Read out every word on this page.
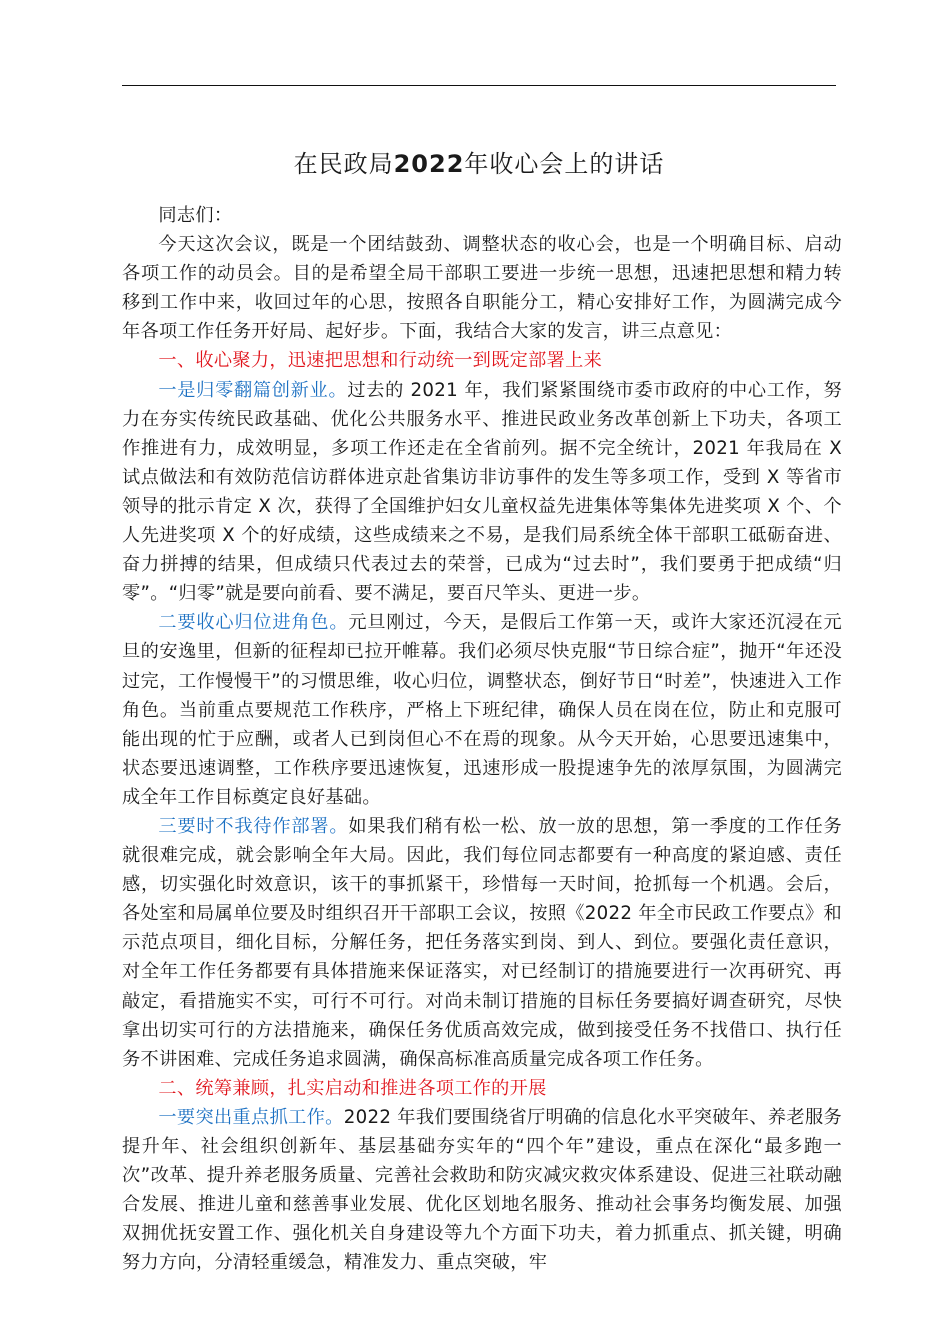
在民政局2022年收心会上的讲话

同志们：

今天这次会议，既是一个团结鼓劲、调整状态的收心会，也是一个明确目标、启动各项工作的动员会。目的是希望全局干部职工要进一步统一思想，迅速把思想和精力转移到工作中来，收回过年的心思，按照各自职能分工，精心安排好工作，为圆满完成今年各项工作任务开好局、起好步。下面，我结合大家的发言，讲三点意见：

一、收心聚力，迅速把思想和行动统一到既定部署上来

一是归零翻篇创新业。过去的 2021 年，我们紧紧围绕市委市政府的中心工作，努力在夯实传统民政基础、优化公共服务水平、推进民政业务改革创新上下功夫，各项工作推进有力，成效明显，多项工作还走在全省前列。据不完全统计，2021 年我局在 X 试点做法和有效防范信访群体进京赴省集访非访事件的发生等多项工作，受到 X 等省市领导的批示肯定 X 次，获得了全国维护妇女儿童权益先进集体等集体先进奖项 X 个、个人先进奖项 X 个的好成绩，这些成绩来之不易，是我们局系统全体干部职工砥砺奋进、奋力拼搏的结果，但成绩只代表过去的荣誉，已成为“过去时”，我们要勇于把成绩“归零”。“归零”就是要向前看、要不满足，要百尺竿头、更进一步。

二要收心归位进角色。元旦刚过，今天，是假后工作第一天，或许大家还沉浸在元旦的安逸里，但新的征程却已拉开帷幕。我们必须尽快克服“节日综合症”，抛开“年还没过完，工作慢慢干”的习惯思维，收心归位，调整状态，倒好节日“时差”，快速进入工作角色。当前重点要规范工作秩序，严格上下班纪律，确保人员在岗在位，防止和克服可能出现的忙于应酬，或者人已到岗但心不在焉的现象。从今天开始，心思要迅速集中，状态要迅速调整，工作秩序要迅速恢复，迅速形成一股提速争先的浓厚氛围，为圆满完成全年工作目标奠定良好基础。

三要时不我待作部署。如果我们稍有松一松、放一放的思想，第一季度的工作任务就很难完成，就会影响全年大局。因此，我们每位同志都要有一种高度的紧迫感、责任感，切实强化时效意识，该干的事抓紧干，珍惜每一天时间，抢抓每一个机遇。会后，各处室和局属单位要及时组织召开干部职工会议，按照《2022 年全市民政工作要点》和示范点项目，细化目标，分解任务，把任务落实到岗、到人、到位。要强化责任意识，对全年工作任务都要有具体措施来保证落实，对已经制订的措施要进行一次再研究、再敲定，看措施实不实，可行不可行。对尚未制订措施的目标任务要搞好调查研究，尽快拿出切实可行的方法措施来，确保任务优质高效完成，做到接受任务不找借口、执行任务不讲困难、完成任务追求圆满，确保高标准高质量完成各项工作任务。

二、统筹兼顾，扎实启动和推进各项工作的开展

一要突出重点抓工作。2022 年我们要围绕省厅明确的信息化水平突破年、养老服务提升年、社会组织创新年、基层基础夯实年的“四个年”建设，重点在深化“最多跑一次”改革、提升养老服务质量、完善社会救助和防灾减灾救灾体系建设、促进三社联动融合发展、推进儿童和慈善事业发展、优化区划地名服务、推动社会事务均衡发展、加强双拥优抚安置工作、强化机关自身建设等九个方面下功夫，着力抓重点、抓关键，明确努力方向，分清轻重缓急，精准发力、重点突破，牢
